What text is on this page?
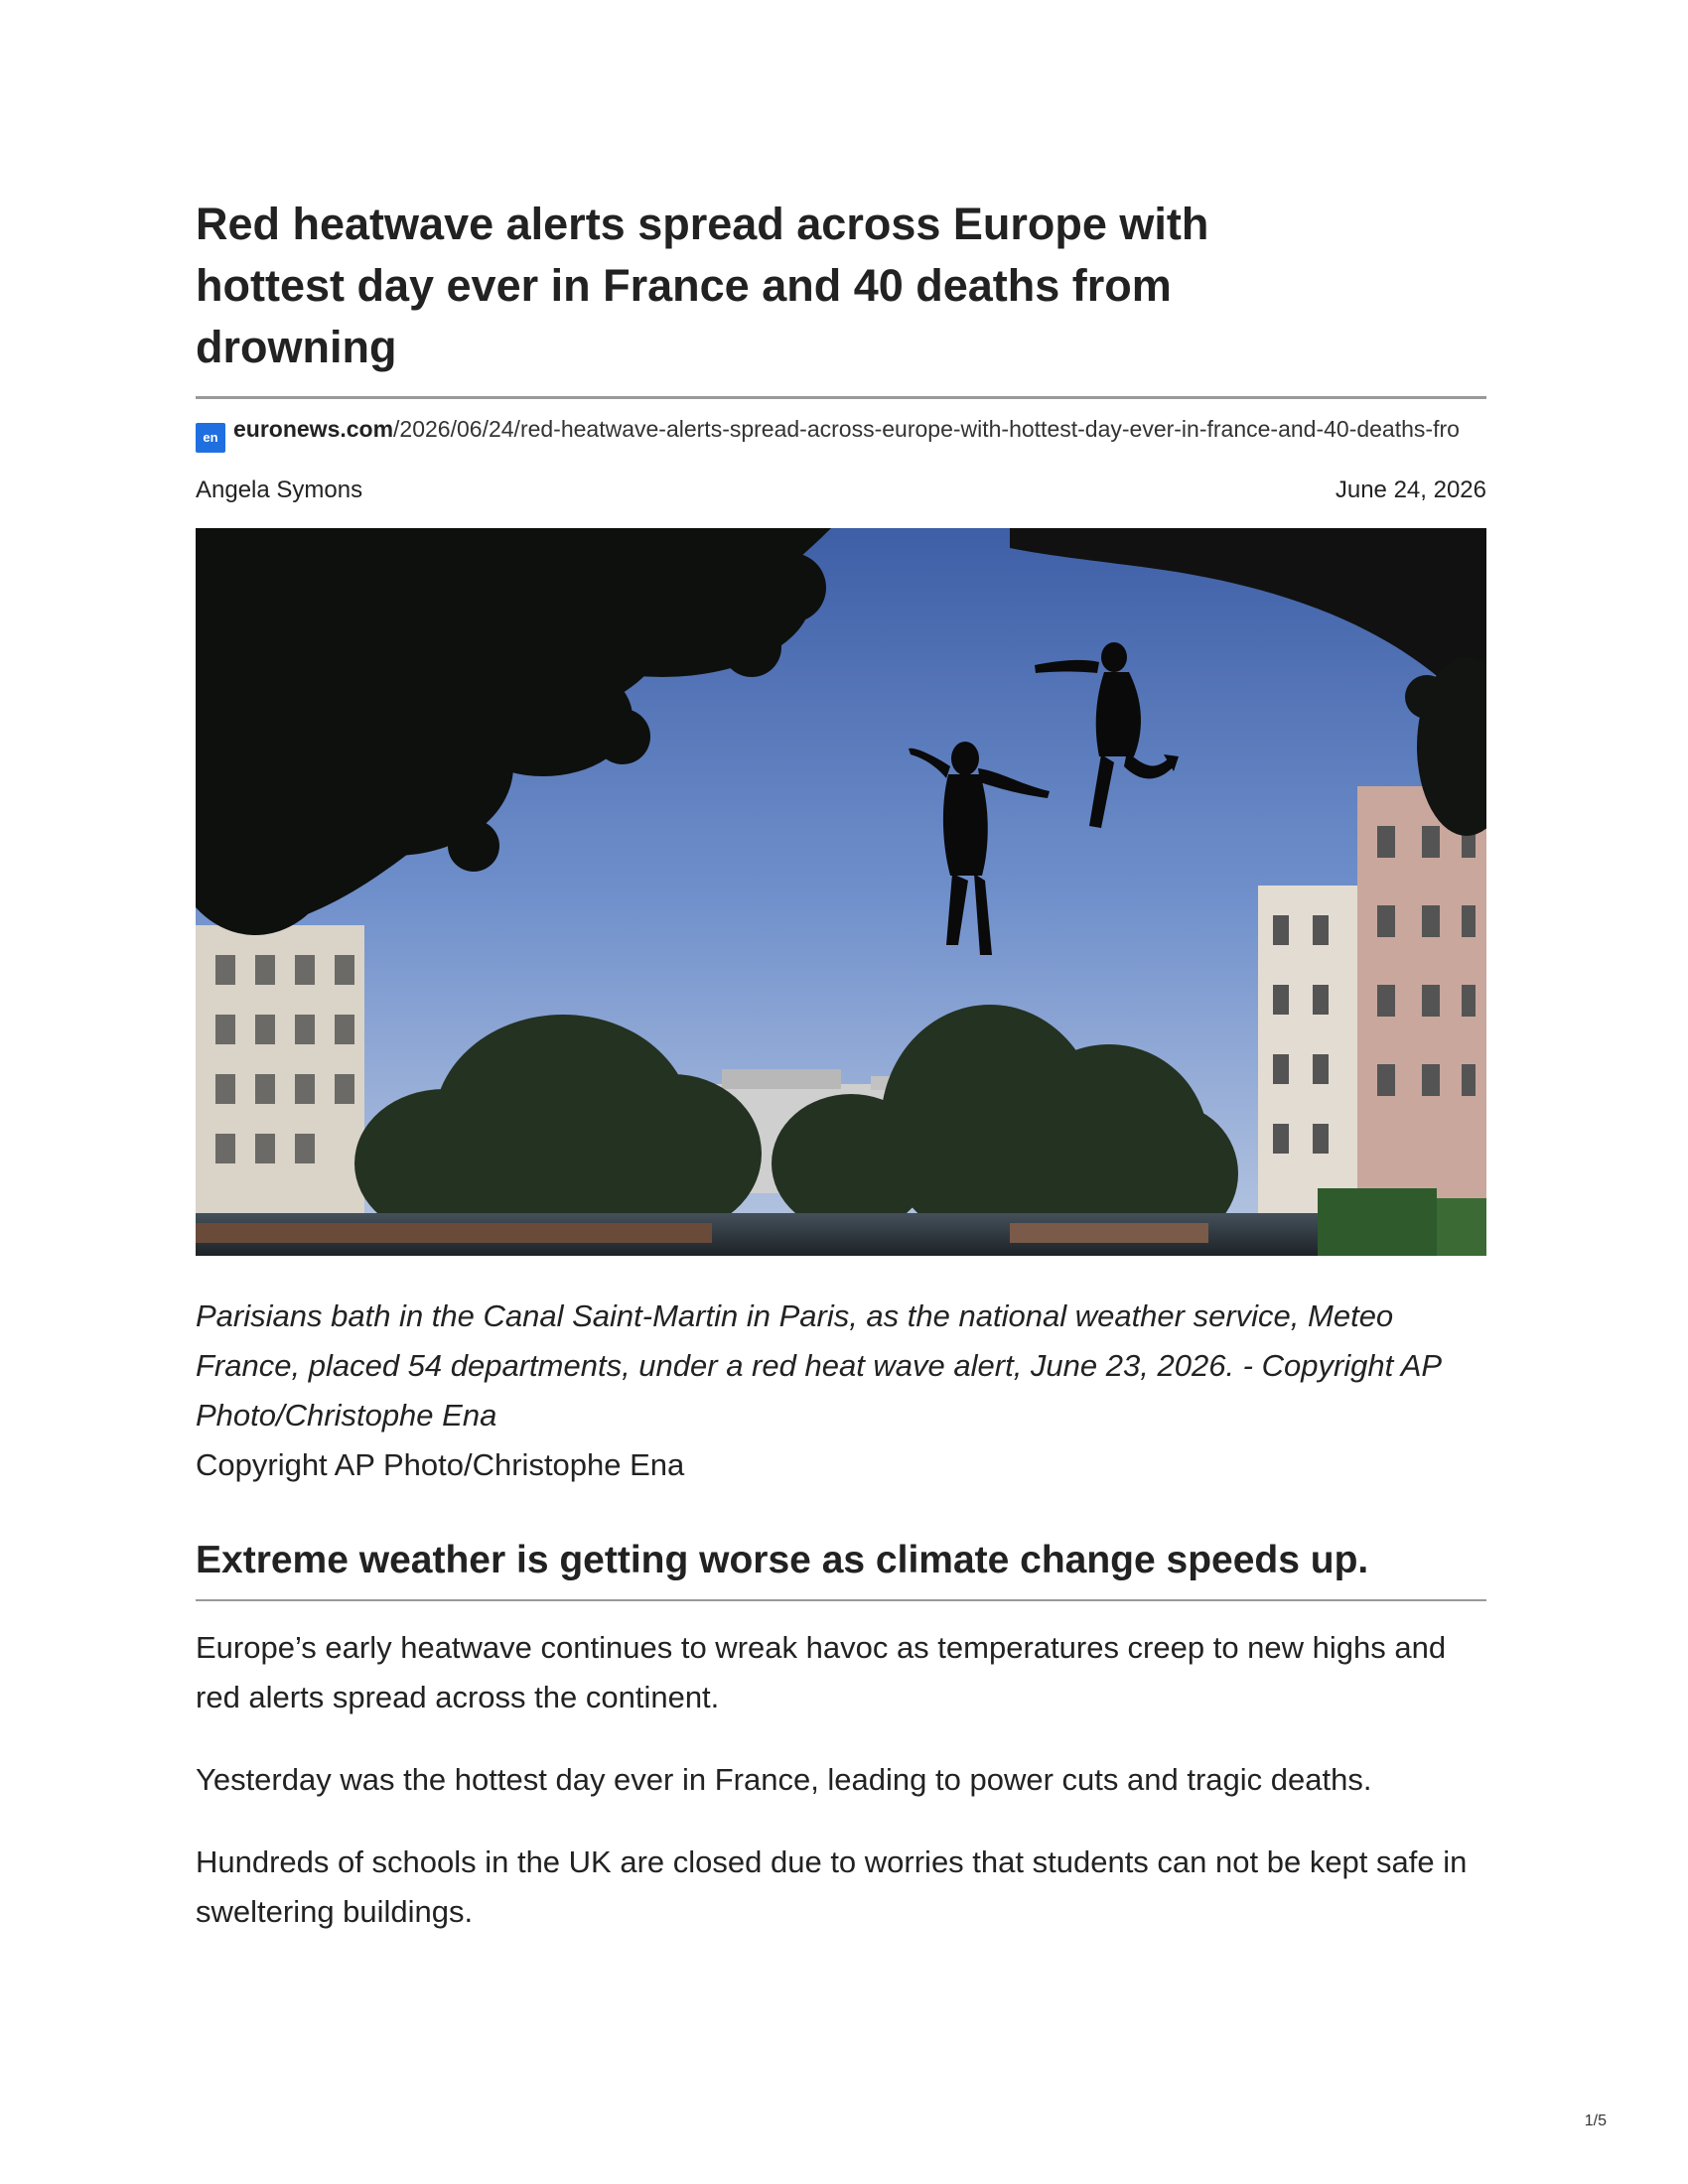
Red heatwave alerts spread across Europe with hottest day ever in France and 40 deaths from drowning
en euronews.com/2026/06/24/red-heatwave-alerts-spread-across-europe-with-hottest-day-ever-in-france-and-40-deaths-fro
Angela Symons	June 24, 2026
Parisians bath in the Canal Saint-Martin in Paris, as the national weather service, Meteo France, placed 54 departments, under a red heat wave alert, June 23, 2026. - Copyright AP Photo/Christophe Ena
Copyright AP Photo/Christophe Ena
Extreme weather is getting worse as climate change speeds up.

Europe’s early heatwave continues to wreak havoc as temperatures creep to new highs and red alerts spread across the continent.

Yesterday was the hottest day ever in France, leading to power cuts and tragic deaths.

Hundreds of schools in the UK are closed due to worries that students can not be kept safe in sweltering buildings.

1/5
